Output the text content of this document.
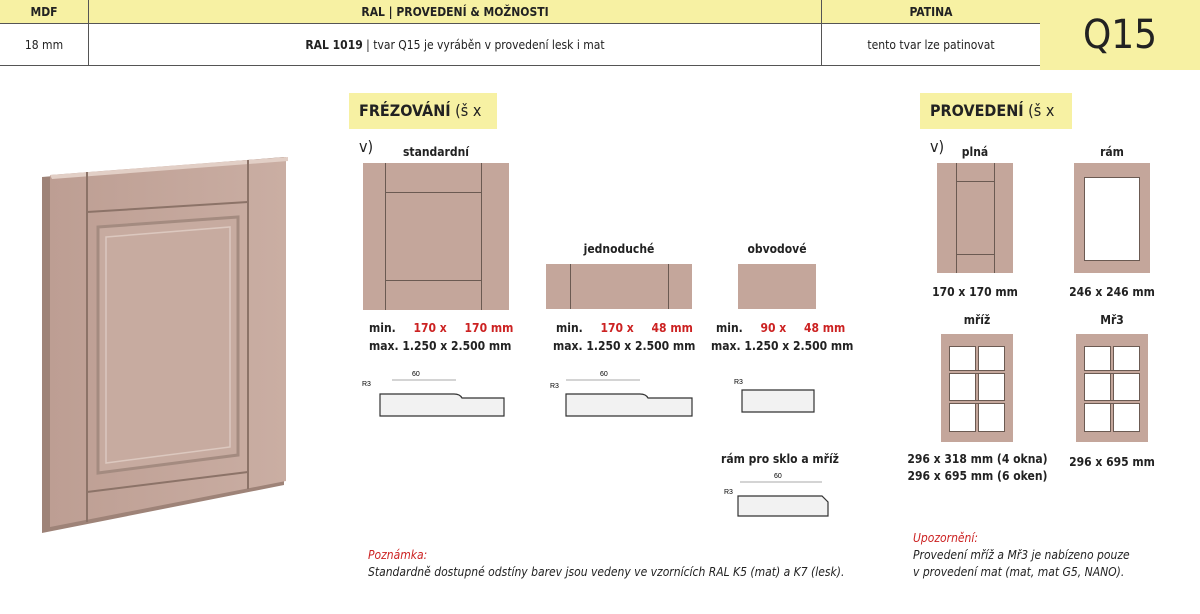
MDF	RAL | PROVEDENÍ & MOŽNOSTI	PATINA
18 mm	RAL 1019 | tvar Q15 je vyráběn v provedení lesk i mat	tento tvar lze patinovat	Q15
FRÉZOVÁNÍ (š x v)	standardní
min. 170 x 170 mm
max. 1.250 x 2.500 mm
jednoduché
min. 170 x 48 mm
max. 1.250 x 2.500 mm
obvodové
min. 90 x 48 mm
max. 1.250 x 2.500 mm
R3
60
R3
60
R3
rám pro sklo a mříž
R3
60
PROVEDENÍ (š x v)	plná
170 x 170 mm
rám
246 x 246 mm
mříž
296 x 318 mm (4 okna)
296 x 695 mm (6 oken)
Mř3
296 x 695 mm
Poznámka:
Standardně dostupné odstíny barev jsou vedeny ve vzornících RAL K5 (mat) a K7 (lesk).
Upozornění:
Provedení mříž a Mř3 je nabízeno pouze
v provedení mat (mat, mat G5, NANO).
